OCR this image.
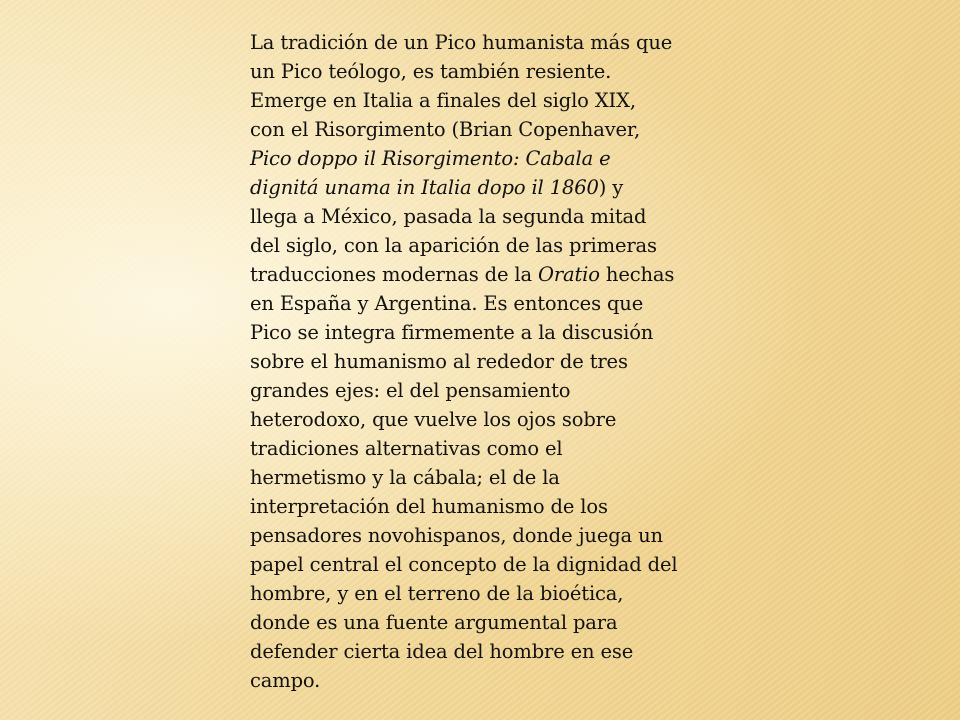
La tradición de un Pico humanista más que
un Pico teólogo, es también resiente.
Emerge en Italia a finales del siglo XIX,
con el Risorgimento (Brian Copenhaver,
Pico doppo il Risorgimento: Cabala e
dignitá unama in Italia dopo il 1860) y
llega a México, pasada la segunda mitad
del siglo, con la aparición de las primeras
traducciones modernas de la Oratio hechas
en España y Argentina. Es entonces que
Pico se integra firmemente a la discusión
sobre el humanismo al rededor de tres
grandes ejes: el del pensamiento
heterodoxo, que vuelve los ojos sobre
tradiciones alternativas como el
hermetismo y la cábala; el de la
interpretación del humanismo de los
pensadores novohispanos, donde juega un
papel central el concepto de la dignidad del
hombre, y en el terreno de la bioética,
donde es una fuente argumental para
defender cierta idea del hombre en ese
campo.
